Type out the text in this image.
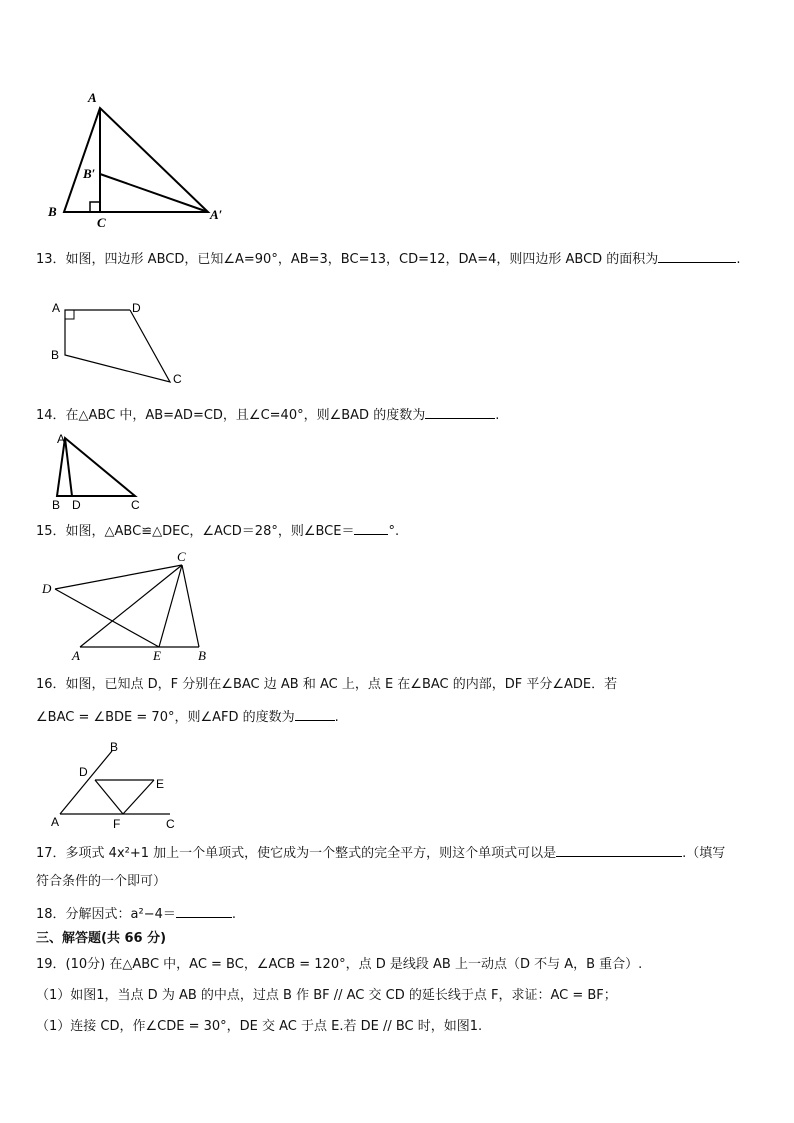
A
B′
B
C
A′
13．如图，四边形 ABCD，已知∠A=90°，AB=3，BC=13，CD=12，DA=4，则四边形 ABCD 的面积为	.
A	D
B
C
14．在△ABC 中，AB=AD=CD，且∠C=40°，则∠BAD 的度数为	.
A
B D	C
15．如图，△ABC≌△DEC，∠ACD＝28°，则∠BCE＝	°.
C
D
A	E	B
16．如图，已知点 D，F 分别在∠BAC 边 AB 和 AC 上，点 E 在∠BAC 的内部，DF 平分∠ADE．若
∠BAC = ∠BDE = 70°，则∠AFD 的度数为	.
B
D
E
A	F	C
17．多项式 4x²+1 加上一个单项式，使它成为一个整式的完全平方，则这个单项式可以是	.（填写
符合条件的一个即可）
18．分解因式：a²−4＝	.
三、解答题(共 66 分)
19．(10分) 在△ABC 中，AC = BC，∠ACB = 120°，点 D 是线段 AB 上一动点（D 不与 A，B 重合）.
（1）如图1，当点 D 为 AB 的中点，过点 B 作 BF // AC 交 CD 的延长线于点 F，求证：AC = BF；
（1）连接 CD，作∠CDE = 30°，DE 交 AC 于点 E.若 DE // BC 时，如图1.
